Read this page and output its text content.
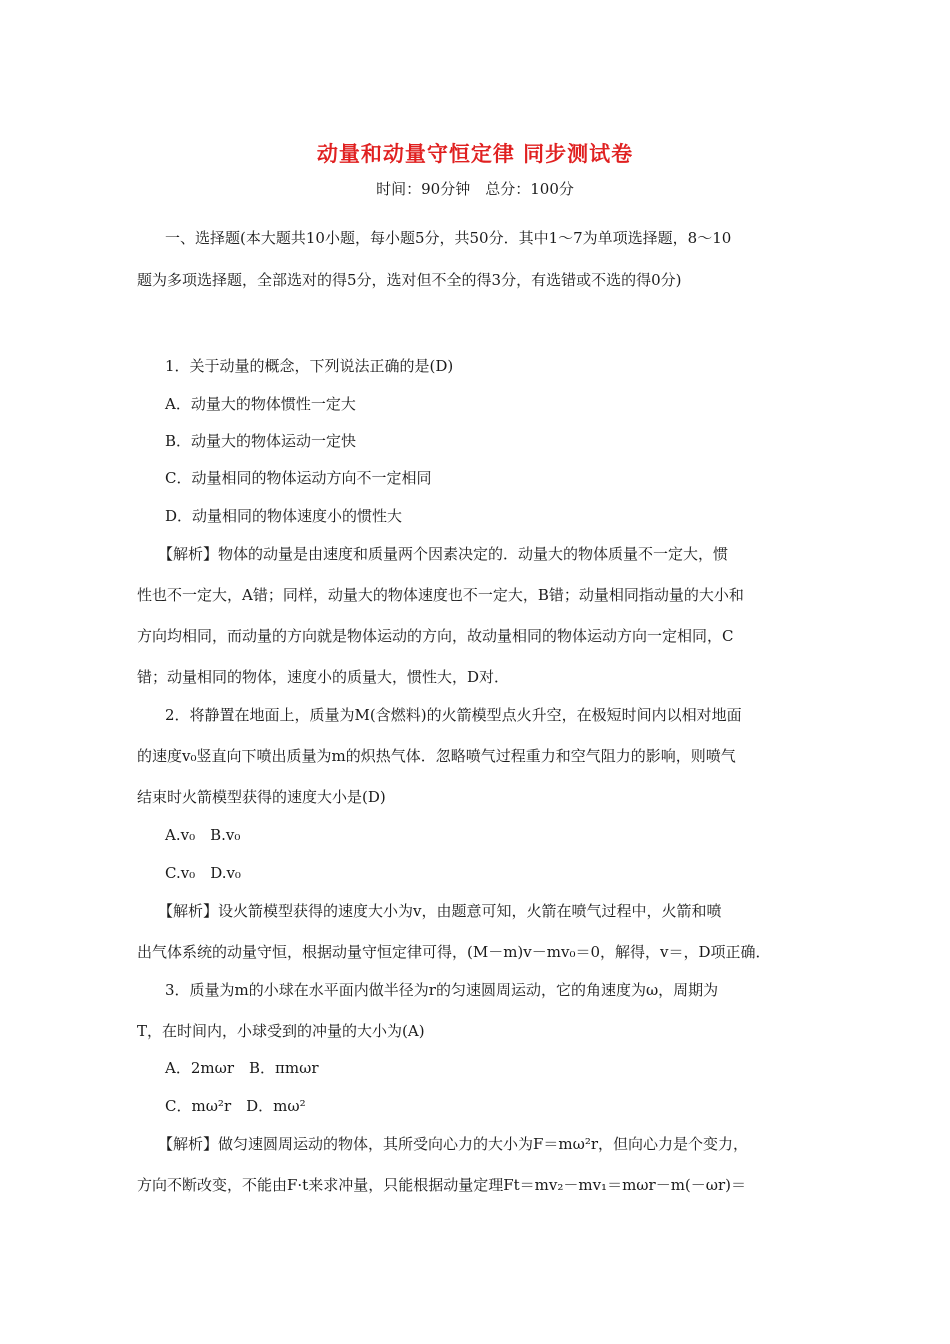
动量和动量守恒定律 同步测试卷
时间：90分钟　总分：100分
一、选择题(本大题共10小题，每小题5分，共50分．其中1～7为单项选择题，8～10
题为多项选择题，全部选对的得5分，选对但不全的得3分，有选错或不选的得0分)
1．关于动量的概念，下列说法正确的是(D)
A．动量大的物体惯性一定大
B．动量大的物体运动一定快
C．动量相同的物体运动方向不一定相同
D．动量相同的物体速度小的惯性大
【解析】物体的动量是由速度和质量两个因素决定的．动量大的物体质量不一定大，惯
性也不一定大，A错；同样，动量大的物体速度也不一定大，B错；动量相同指动量的大小和
方向均相同，而动量的方向就是物体运动的方向，故动量相同的物体运动方向一定相同，C
错；动量相同的物体，速度小的质量大，惯性大，D对．
2．将静置在地面上，质量为M(含燃料)的火箭模型点火升空，在极短时间内以相对地面
的速度v₀竖直向下喷出质量为m的炽热气体．忽略喷气过程重力和空气阻力的影响，则喷气
结束时火箭模型获得的速度大小是(D)
A.v₀　B.v₀
C.v₀　D.v₀
【解析】设火箭模型获得的速度大小为v，由题意可知，火箭在喷气过程中，火箭和喷
出气体系统的动量守恒，根据动量守恒定律可得，(M－m)v－mv₀＝0，解得，v＝，D项正确．
3．质量为m的小球在水平面内做半径为r的匀速圆周运动，它的角速度为ω，周期为
T，在时间内，小球受到的冲量的大小为(A)
A．2mωr　B．πmωr
C．mω²r　D．mω²
【解析】做匀速圆周运动的物体，其所受向心力的大小为F＝mω²r，但向心力是个变力，
方向不断改变，不能由F·t来求冲量，只能根据动量定理Ft＝mv₂－mv₁＝mωr－m(－ωr)＝
